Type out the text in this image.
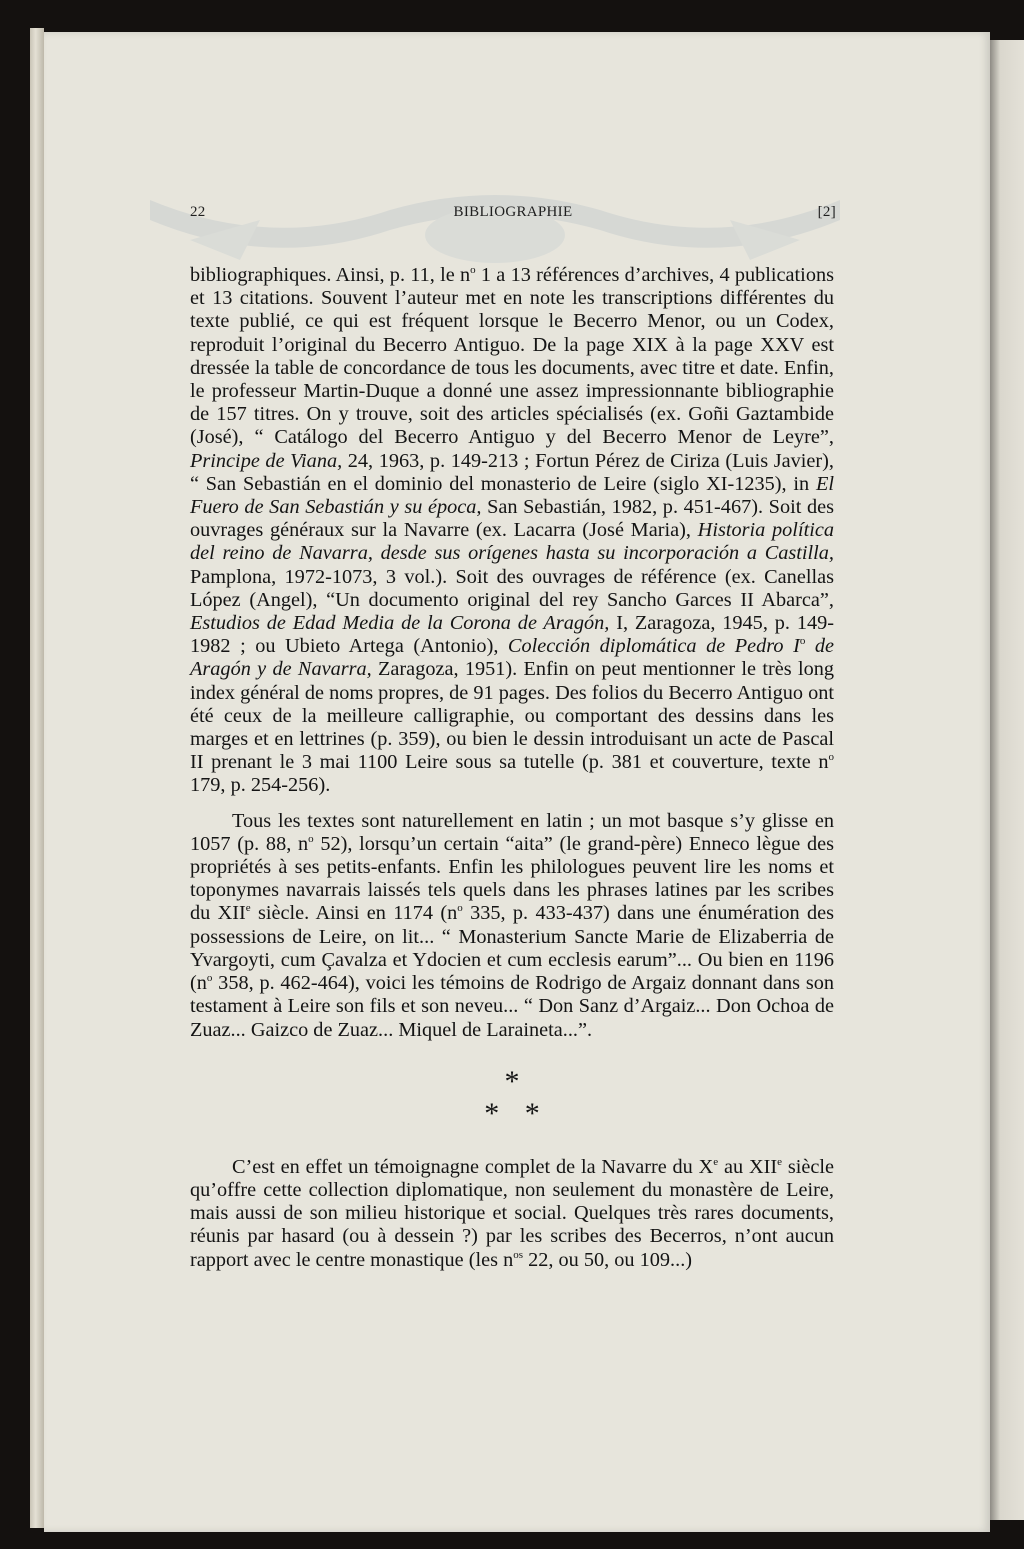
22	BIBLIOGRAPHIE	[2]

bibliographiques. Ainsi, p. 11, le $n^o$ 1 a 13 références d’archives, 4 publications et 13 citations. Souvent l’auteur met en note les transcriptions différentes du texte publié, ce qui est fréquent lorsque le Becerro Menor, ou un Codex, reproduit l’original du Becerro Antiguo. De la page XIX à la page XXV est dressée la table de concordance de tous les documents, avec titre et date. Enfin, le professeur Martin-Duque a donné une assez impressionnante bibliographie de 157 titres. On y trouve, soit des articles spécialisés (ex. Goñi Gaztambide (José), “ Catálogo del Becerro Antiguo y del Becerro Menor de Leyre”, Principe de Viana, 24, 1963, p. 149-213 ; Fortun Pérez de Ciriza (Luis Javier), “ San Sebastián en el dominio del monasterio de Leire (siglo XI-1235), in El Fuero de San Sebastián y su época, San Sebastián, 1982, p. 451-467). Soit des ouvrages généraux sur la Navarre (ex. Lacarra (José Maria), Historia política del reino de Navarra, desde sus orígenes hasta su incorporación a Castilla, Pamplona, 1972-1073, 3 vol.). Soit des ouvrages de référence (ex. Canellas López (Angel), “Un documento original del rey Sancho Garces II Abarca”, Estudios de Edad Media de la Corona de Aragón, I, Zaragoza, 1945, p. 149-1982 ; ou Ubieto Artega (Antonio), Colección diplomática de Pedro $I^o$ de Aragón y de Navarra, Zaragoza, 1951). Enfin on peut mentionner le très long index général de noms propres, de 91 pages. Des folios du Becerro Antiguo ont été ceux de la meilleure calligraphie, ou comportant des dessins dans les marges et en lettrines (p. 359), ou bien le dessin introduisant un acte de Pascal II prenant le 3 mai 1100 Leire sous sa tutelle (p. 381 et couverture, texte $n^o$ 179, p. 254-256).

Tous les textes sont naturellement en latin ; un mot basque s’y glisse en 1057 (p. 88, $n^o$ 52), lorsqu’un certain “aita” (le grand-père) Enneco lègue des propriétés à ses petits-enfants. Enfin les philologues peuvent lire les noms et toponymes navarrais laissés tels quels dans les phrases latines par les scribes du XIIe siècle. Ainsi en 1174 ($n^o$ 335, p. 433-437) dans une énumération des possessions de Leire, on lit... “ Monasterium Sancte Marie de Elizaberria de Yvargoyti, cum Çavalza et Ydocien et cum ecclesis earum”... Ou bien en 1196 ($n^o$ 358, p. 462-464), voici les témoins de Rodrigo de Argaiz donnant dans son testament à Leire son fils et son neveu... “ Don Sanz d’Argaiz... Don Ochoa de Zuaz... Gaizco de Zuaz... Miquel de Laraineta...”.

*
* *

C’est en effet un témoignagne complet de la Navarre du Xe au XIIe siècle qu’offre cette collection diplomatique, non seulement du monastère de Leire, mais aussi de son milieu historique et social. Quelques très rares documents, réunis par hasard (ou à dessein ?) par les scribes des Becerros, n’ont aucun rapport avec le centre monastique (les $n^{os}$ 22, ou 50, ou 109...)
